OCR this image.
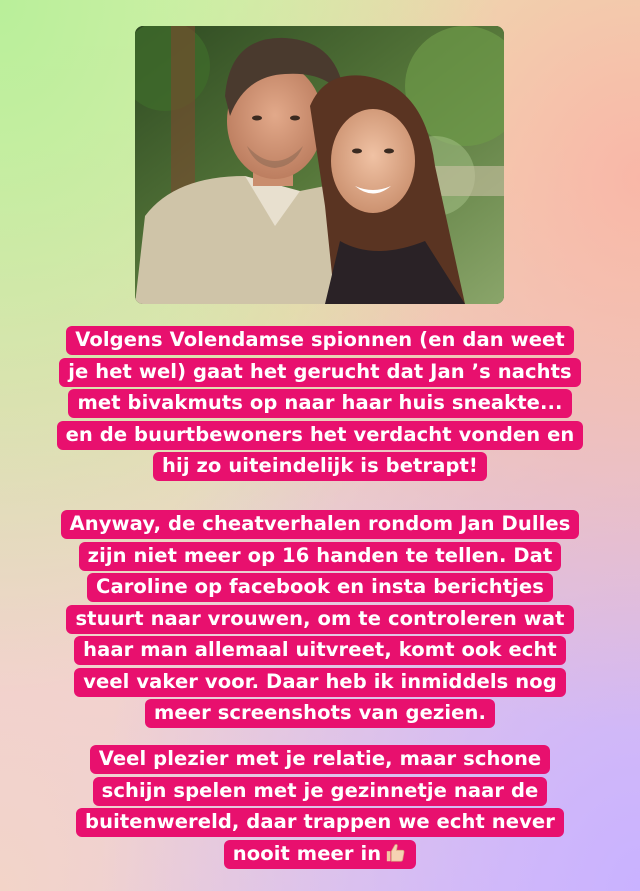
Volgens Volendamse spionnen (en dan weet
je het wel) gaat het gerucht dat Jan ’s nachts
met bivakmuts op naar haar huis sneakte...
en de buurtbewoners het verdacht vonden en
hij zo uiteindelijk is betrapt!
Anyway, de cheatverhalen rondom Jan Dulles
zijn niet meer op 16 handen te tellen. Dat
Caroline op facebook en insta berichtjes
stuurt naar vrouwen, om te controleren wat
haar man allemaal uitvreet, komt ook echt
veel vaker voor. Daar heb ik inmiddels nog
meer screenshots van gezien.
Veel plezier met je relatie, maar schone
schijn spelen met je gezinnetje naar de
buitenwereld, daar trappen we echt never
nooit meer in
